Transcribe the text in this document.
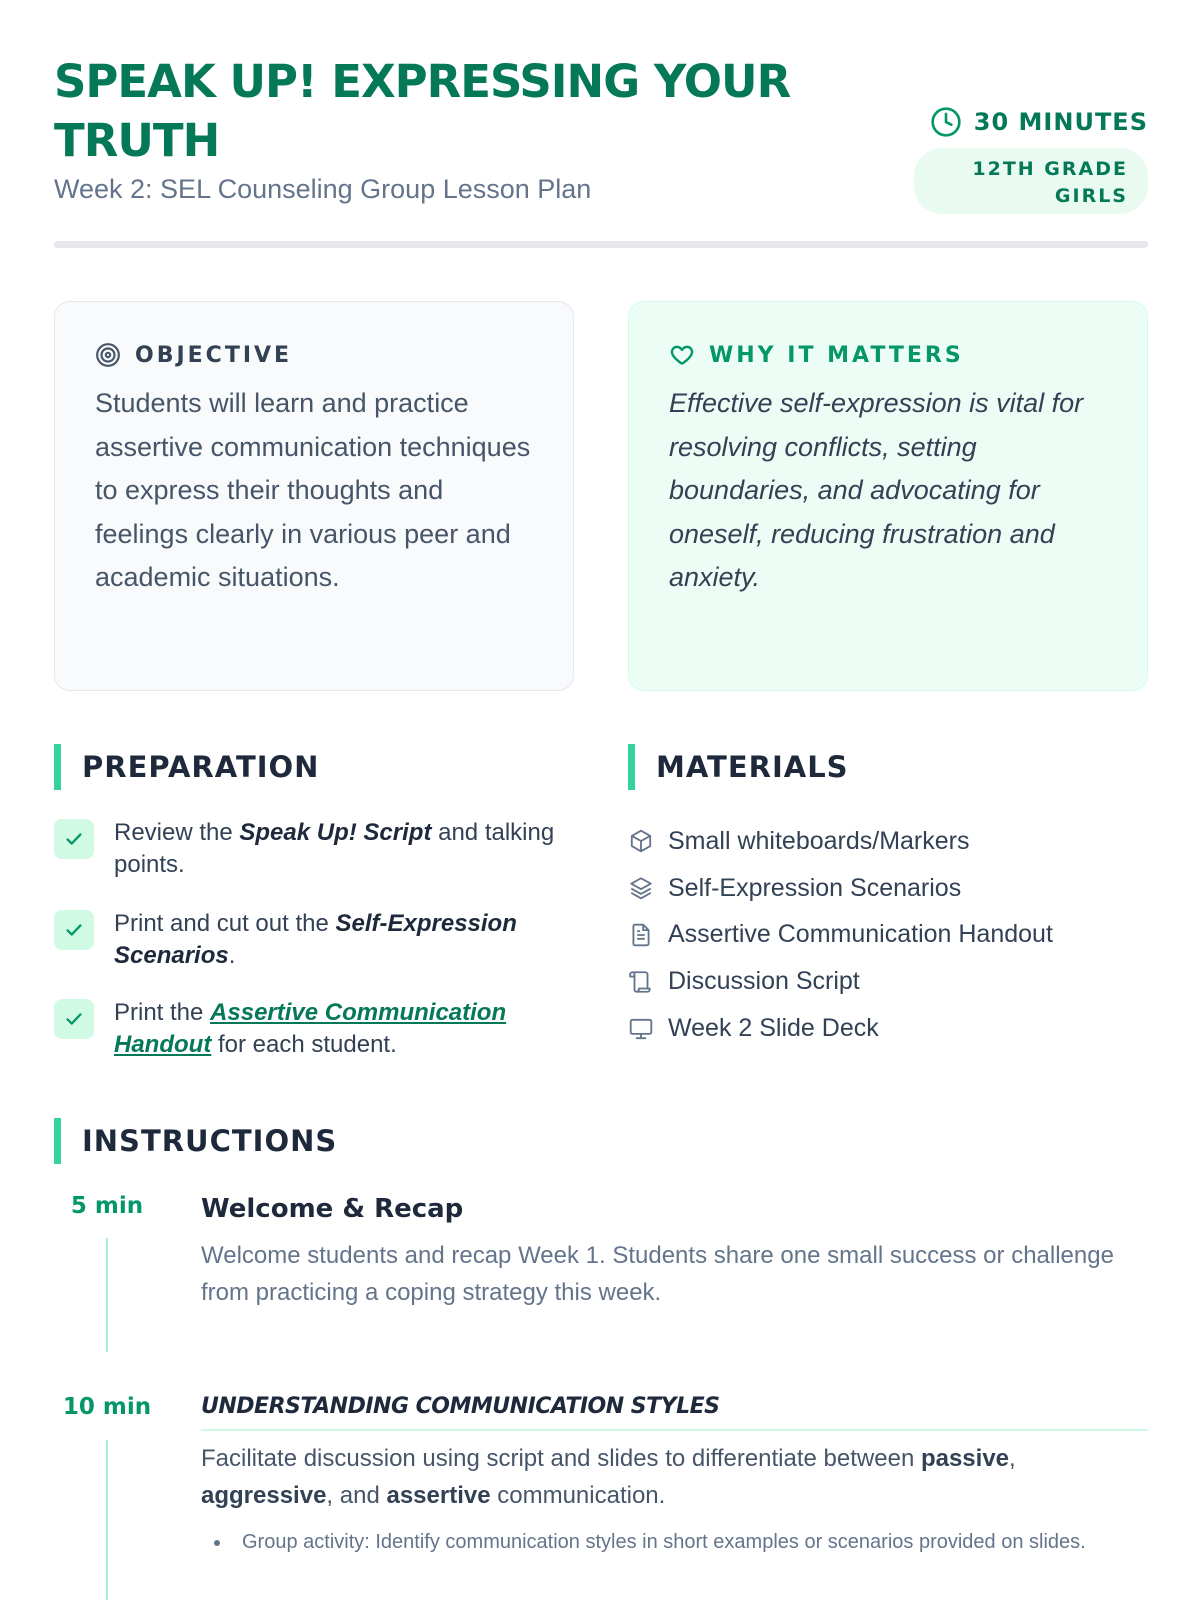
SPEAK UP! EXPRESSING YOUR TRUTH
Week 2: SEL Counseling Group Lesson Plan
30 MINUTES
12TH GRADE GIRLS
OBJECTIVE
Students will learn and practice assertive communication techniques to express their thoughts and feelings clearly in various peer and academic situations.
WHY IT MATTERS
Effective self-expression is vital for resolving conflicts, setting boundaries, and advocating for oneself, reducing frustration and anxiety.
PREPARATION
Review the Speak Up! Script and talking points.
Print and cut out the Self-Expression Scenarios.
Print the Assertive Communication Handout for each student.
MATERIALS
Small whiteboards/Markers
Self-Expression Scenarios
Assertive Communication Handout
Discussion Script
Week 2 Slide Deck
INSTRUCTIONS
5 min	Welcome & Recap
Welcome students and recap Week 1. Students share one small success or challenge from practicing a coping strategy this week.
10 min	UNDERSTANDING COMMUNICATION STYLES
Facilitate discussion using script and slides to differentiate between passive, aggressive, and assertive communication.
Group activity: Identify communication styles in short examples or scenarios provided on slides.
